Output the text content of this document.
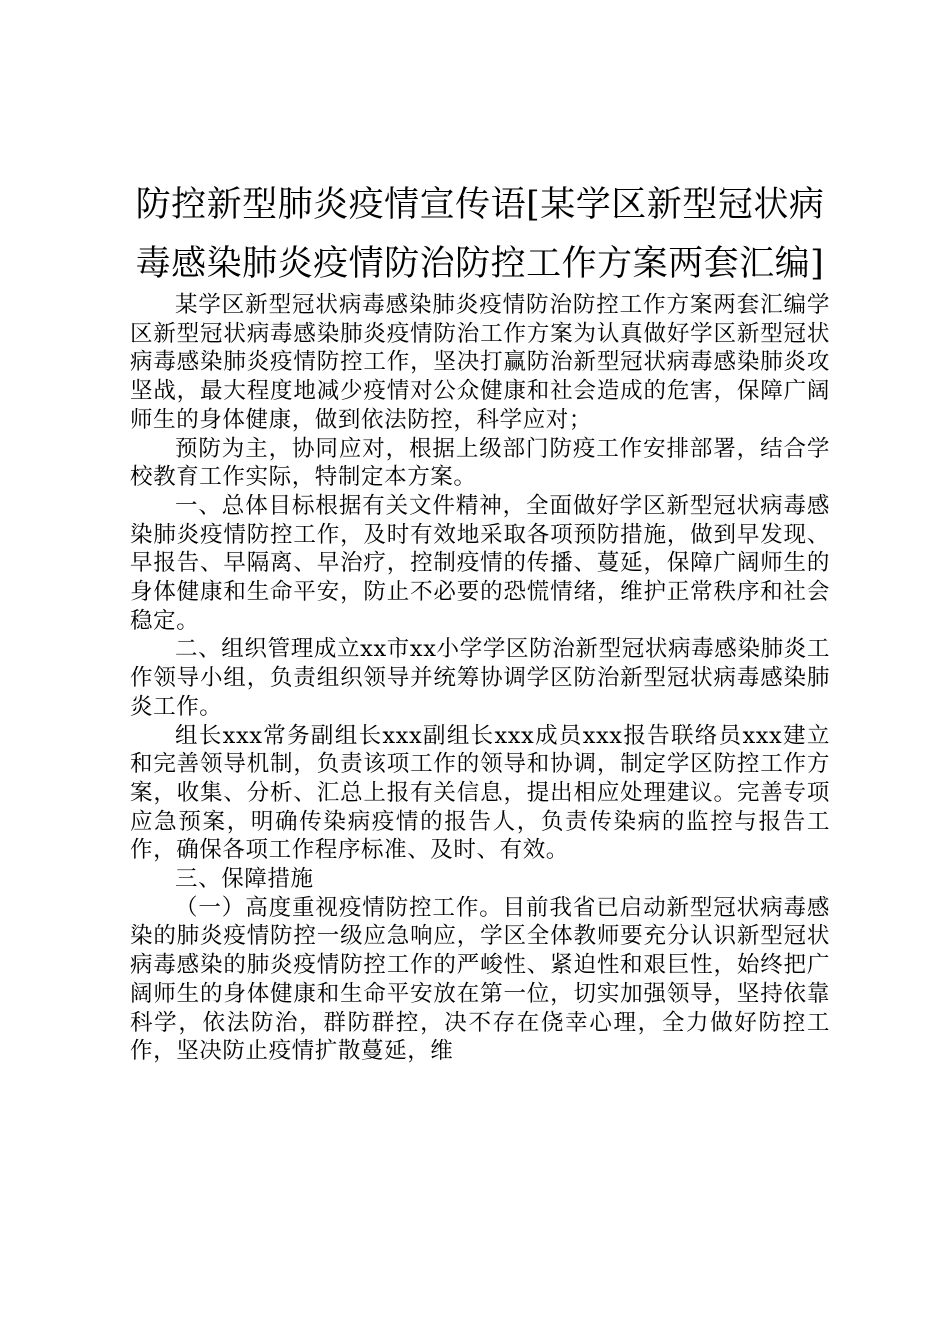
防控新型肺炎疫情宣传语[某学区新型冠状病
毒感染肺炎疫情防治防控工作方案两套汇编]

某学区新型冠状病毒感染肺炎疫情防治防控工作方案两套汇编学区新型冠状病毒感染肺炎疫情防治工作方案为认真做好学区新型冠状病毒感染肺炎疫情防控工作，坚决打赢防治新型冠状病毒感染肺炎攻坚战，最大程度地减少疫情对公众健康和社会造成的危害，保障广阔师生的身体健康，做到依法防控，科学应对；

预防为主，协同应对，根据上级部门防疫工作安排部署，结合学校教育工作实际，特制定本方案。

一、总体目标根据有关文件精神，全面做好学区新型冠状病毒感染肺炎疫情防控工作，及时有效地采取各项预防措施，做到早发现、早报告、早隔离、早治疗，控制疫情的传播、蔓延，保障广阔师生的身体健康和生命平安，防止不必要的恐慌情绪，维护正常秩序和社会稳定。

二、组织管理成立xx市xx小学学区防治新型冠状病毒感染肺炎工作领导小组，负责组织领导并统筹协调学区防治新型冠状病毒感染肺炎工作。

组长xxx常务副组长xxx副组长xxx成员xxx报告联络员xxx建立和完善领导机制，负责该项工作的领导和协调，制定学区防控工作方案，收集、分析、汇总上报有关信息，提出相应处理建议。完善专项应急预案，明确传染病疫情的报告人，负责传染病的监控与报告工作，确保各项工作程序标准、及时、有效。

三、保障措施

（一）高度重视疫情防控工作。目前我省已启动新型冠状病毒感染的肺炎疫情防控一级应急响应，学区全体教师要充分认识新型冠状病毒感染的肺炎疫情防控工作的严峻性、紧迫性和艰巨性，始终把广阔师生的身体健康和生命平安放在第一位，切实加强领导，坚持依靠科学，依法防治，群防群控，决不存在侥幸心理，全力做好防控工作，坚决防止疫情扩散蔓延，维
